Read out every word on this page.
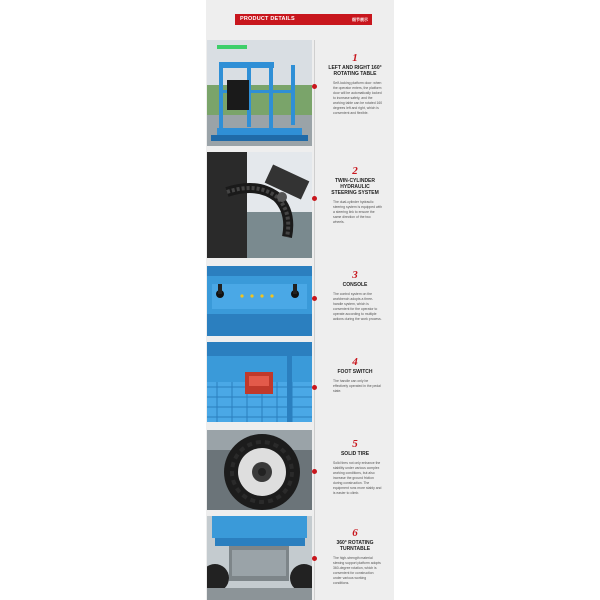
PRODUCT DETAILS	细节展示
1
LEFT AND RIGHT 160° ROTATING TABLE
Self-locking platform door: when the operator enters, the platform door will be automatically locked to increase safety, and the working table can be rotated 160 degrees left and right, which is convenient and flexible.
2
TWIN-CYLINDER HYDRAULIC STEERING SYSTEM
The dual-cylinder hydraulic steering system is equipped with a steering link to ensure the same direction of the two wheels.
3
CONSOLE
The control system on the workbench adopts a three-handle system, which is convenient for the operator to operate according to multiple actions during the work process.
4
FOOT SWITCH
The handle can only be effectively operated in the pedal state.
5
SOLID TIRE
Solid tires not only enhance the stability under various complex working conditions, but also increase the ground friction during construction. The equipment runs more stably and is easier to climb.
6
360° ROTATING TURNTABLE
The high-strength material slewing support platform adopts 360-degree rotation, which is convenient for construction under various working conditions.
